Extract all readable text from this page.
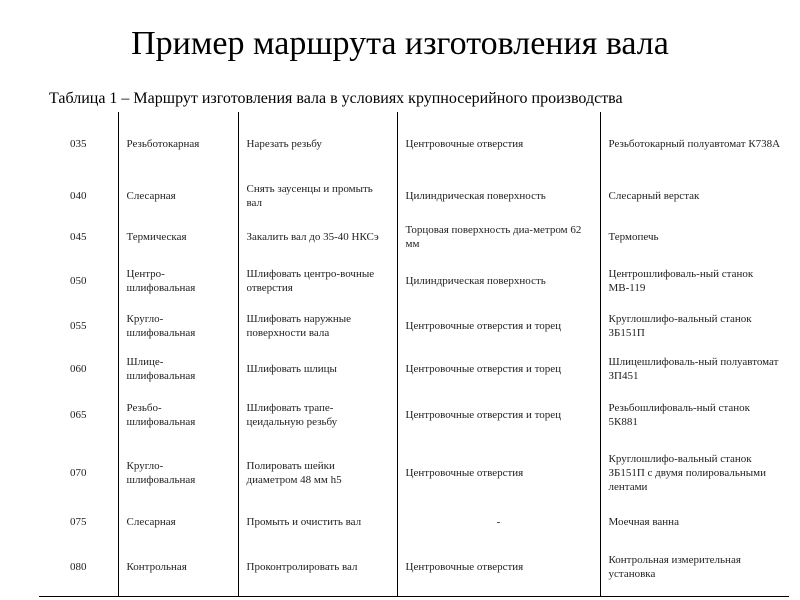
Пример маршрута изготовления вала
Таблица 1 – Маршрут изготовления вала в условиях крупносерийного производства
035	Резьботокарная	Нарезать резьбу	Центровочные отверстия	Резьботокарный полуавтомат К738А
040	Слесарная	Снять заусенцы и промыть вал	Цилиндрическая поверхность	Слесарный верстак
045	Термическая	Закалить вал до 35-40 НКСэ	Торцовая поверхность диа-метром 62 мм	Термопечь
050	Центро-шлифовальная	Шлифовать центро-вочные отверстия	Цилиндрическая поверхность	Центрошлифоваль-ный станок МВ-119
055	Кругло-шлифовальная	Шлифовать наружные поверхности вала	Центровочные отверстия и торец	Круглошлифо-вальный станок ЗБ151П
060	Шлице-шлифовальная	Шлифовать шлицы	Центровочные отверстия и торец	Шлицешлифоваль-ный полуавтомат ЗП451
065	Резьбо-шлифовальная	Шлифовать трапе-цеидальную резьбу	Центровочные отверстия и торец	Резьбошлифоваль-ный станок 5К881
070	Кругло-шлифовальная	Полировать шейки диаметром 48 мм h5	Центровочные отверстия	Круглошлифо-вальный станок ЗБ151П с двумя полировальными лентами
075	Слесарная	Промыть и очистить вал	-	Моечная ванна
080	Контрольная	Проконтролировать вал	Центровочные отверстия	Контрольная измерительная установка
